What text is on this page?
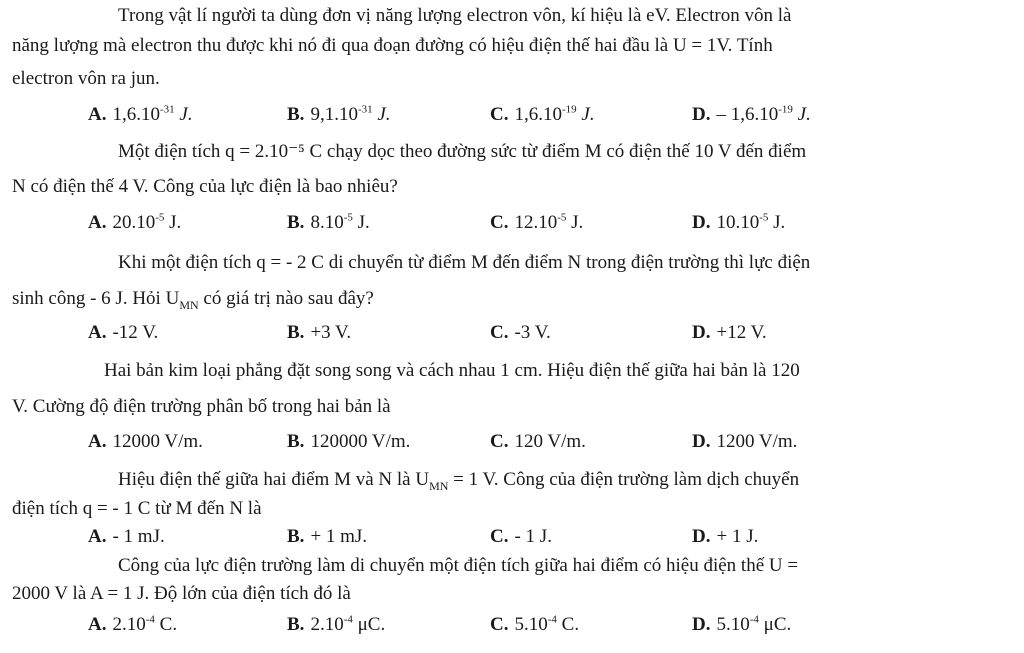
Trong vật lí người ta dùng đơn vị năng lượng electron vôn, kí hiệu là eV. Electron vôn là
năng lượng mà electron thu được khi nó đi qua đoạn đường có hiệu điện thế hai đầu là U = 1V. Tính
electron vôn ra jun.
A. $1,6.10^{-31}$ J.	B. $9,1.10^{-31}$ J.	C. $1,6.10^{-19}$ J.	D. – $1,6.10^{-19}$ J.
Một điện tích q = 2.10⁻⁵ C chạy dọc theo đường sức từ điểm M có điện thế 10 V đến điểm
N có điện thế 4 V. Công của lực điện là bao nhiêu?
A. $20.10^{-5}$ J.	B. $8.10^{-5}$ J.	C. $12.10^{-5}$ J.	D. $10.10^{-5}$ J.
Khi một điện tích q = - 2 C di chuyển từ điểm M đến điểm N trong điện trường thì lực điện
sinh công - 6 J. Hỏi $U_{MN}$ có giá trị nào sau đây?
A. -12 V.	B. +3 V.	C. -3 V.	D. +12 V.
Hai bản kim loại phẳng đặt song song và cách nhau 1 cm. Hiệu điện thế giữa hai bản là 120
V. Cường độ điện trường phân bố trong hai bản là
A. 12000 V/m.	B. 120000 V/m.	C. 120 V/m.	D. 1200 V/m.
Hiệu điện thế giữa hai điểm M và N là $U_{MN} = 1$ V. Công của điện trường làm dịch chuyển
điện tích q = - 1 C từ M đến N là
A. - 1 mJ.	B. + 1 mJ.	C. - 1 J.	D. + 1 J.
Công của lực điện trường làm di chuyển một điện tích giữa hai điểm có hiệu điện thế U =
2000 V là A = 1 J. Độ lớn của điện tích đó là
A. $2.10^{-4}$ C.	B. $2.10^{-4}$ μC.	C. $5.10^{-4}$ C.	D. $5.10^{-4}$ μC.
